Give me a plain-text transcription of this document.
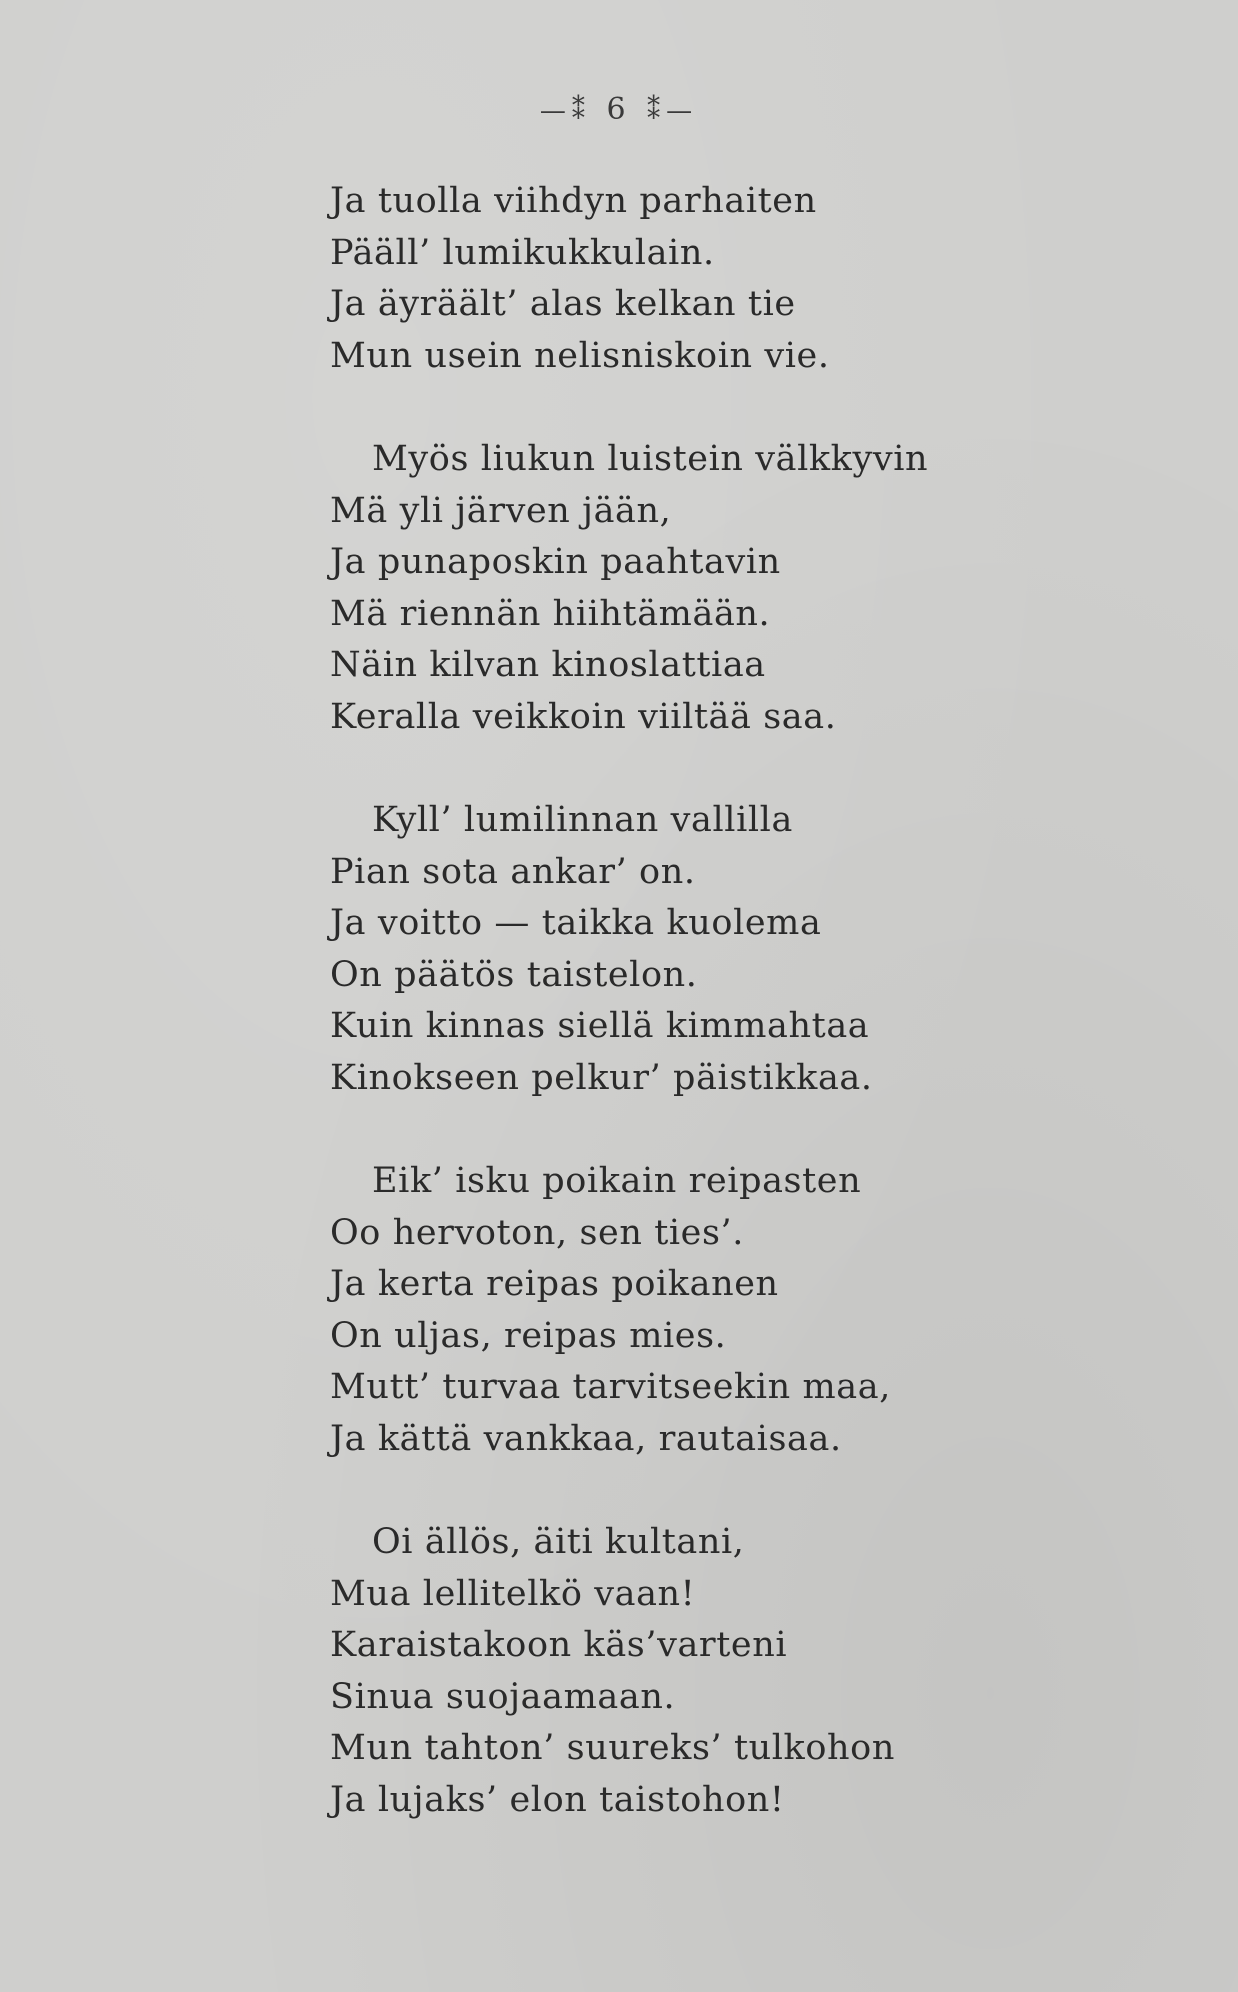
—⁑ 6 ⁑—
Ja tuolla viihdyn parhaiten
Pääll’ lumikukkulain.
Ja äyräält’ alas kelkan tie
Mun usein nelisniskoin vie.
Myös liukun luistein välkkyvin
Mä yli järven jään,
Ja punaposkin paahtavin
Mä riennän hiihtämään.
Näin kilvan kinoslattiaa
Keralla veikkoin viiltää saa.
Kyll’ lumilinnan vallilla
Pian sota ankar’ on.
Ja voitto — taikka kuolema
On päätös taistelon.
Kuin kinnas siellä kimmahtaa
Kinokseen pelkur’ päistikkaa.
Eik’ isku poikain reipasten
Oo hervoton, sen ties’.
Ja kerta reipas poikanen
On uljas, reipas mies.
Mutt’ turvaa tarvitseekin maa,
Ja kättä vankkaa, rautaisaa.
Oi ällös, äiti kultani,
Mua lellitelkö vaan!
Karaistakoon käs’varteni
Sinua suojaamaan.
Mun tahton’ suureks’ tulkohon
Ja lujaks’ elon taistohon!
